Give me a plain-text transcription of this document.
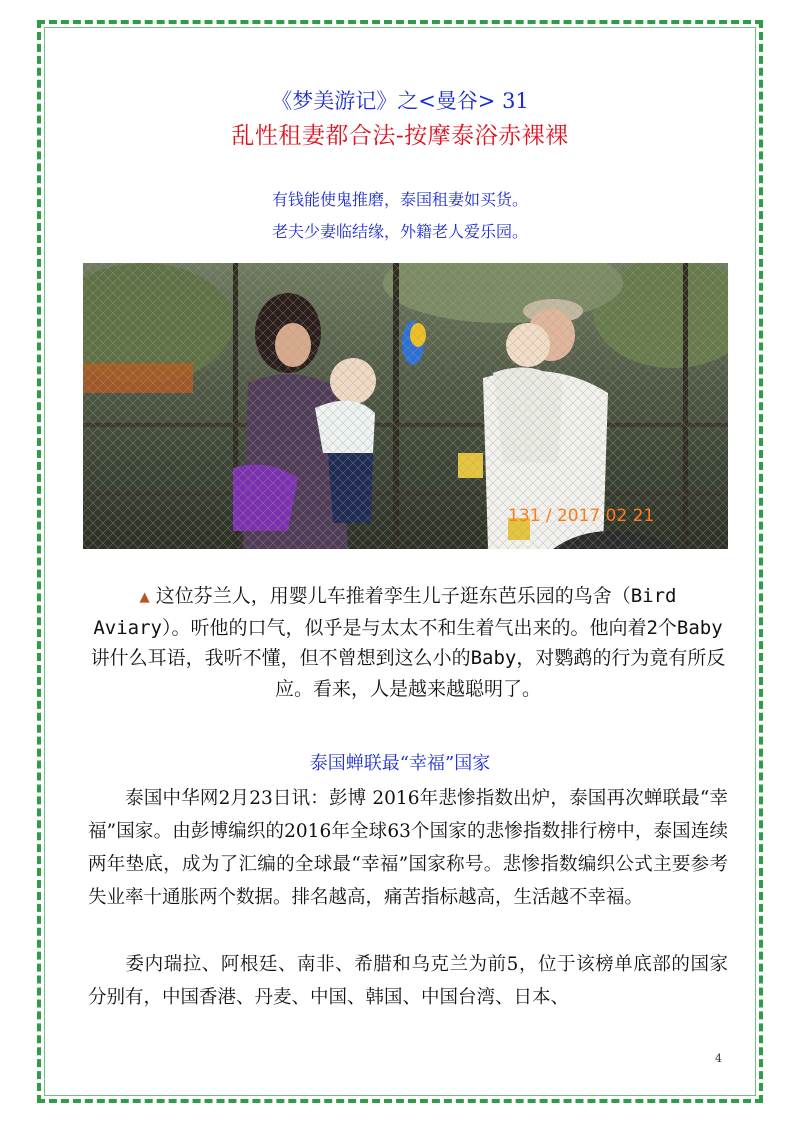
《梦美游记》之<曼谷> 31
乱性租妻都合法-按摩泰浴赤裸裸
有钱能使鬼推磨，泰国租妻如买货。
老夫少妻临结缘，外籍老人爱乐园。
131 / 2017 02 21
▲ 这位芬兰人，用婴儿车推着孪生儿子逛东芭乐园的鸟舍（Bird Aviary）。听他的口气，似乎是与太太不和生着气出来的。他向着2个Baby讲什么耳语，我听不懂，但不曾想到这么小的Baby，对鹦鹉的行为竟有所反应。看来，人是越来越聪明了。
泰国蝉联最“幸福”国家
泰国中华网2月23日讯：彭博 2016年悲惨指数出炉，泰国再次蝉联最“幸福”国家。由彭博编织的2016年全球63个国家的悲惨指数排行榜中，泰国连续两年垫底，成为了汇编的全球最“幸福”国家称号。悲惨指数编织公式主要参考失业率十通胀两个数据。排名越高，痛苦指标越高，生活越不幸福。
委内瑞拉、阿根廷、南非、希腊和乌克兰为前5，位于该榜单底部的国家分别有，中国香港、丹麦、中国、韩国、中国台湾、日本、
4
